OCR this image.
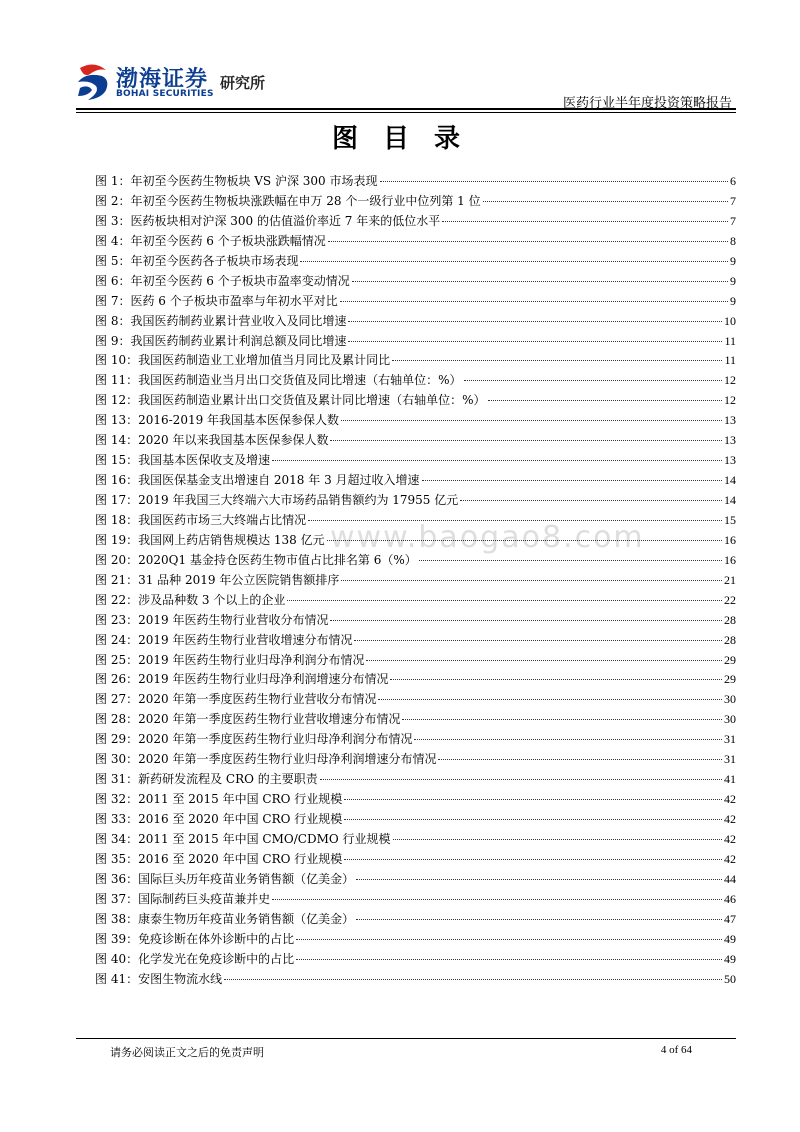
渤海证券
BOHAI SECURITIES
研究所
医药行业半年度投资策略报告
图 目 录
www.baogao8.com
图 1：年初至今医药生物板块 VS 沪深 300 市场表现	6
图 2：年初至今医药生物板块涨跌幅在申万 28 个一级行业中位列第 1 位	7
图 3：医药板块相对沪深 300 的估值溢价率近 7 年来的低位水平	7
图 4：年初至今医药 6 个子板块涨跌幅情况	8
图 5：年初至今医药各子板块市场表现	9
图 6：年初至今医药 6 个子板块市盈率变动情况	9
图 7：医药 6 个子板块市盈率与年初水平对比	9
图 8：我国医药制药业累计营业收入及同比增速	10
图 9：我国医药制药业累计利润总额及同比增速	11
图 10：我国医药制造业工业增加值当月同比及累计同比	11
图 11：我国医药制造业当月出口交货值及同比增速（右轴单位：%）	12
图 12：我国医药制造业累计出口交货值及累计同比增速（右轴单位：%）	12
图 13：2016-2019 年我国基本医保参保人数	13
图 14：2020 年以来我国基本医保参保人数	13
图 15：我国基本医保收支及增速	13
图 16：我国医保基金支出增速自 2018 年 3 月超过收入增速	14
图 17：2019 年我国三大终端六大市场药品销售额约为 17955 亿元	14
图 18：我国医药市场三大终端占比情况	15
图 19：我国网上药店销售规模达 138 亿元	16
图 20：2020Q1 基金持仓医药生物市值占比排名第 6（%）	16
图 21：31 品种 2019 年公立医院销售额排序	21
图 22：涉及品种数 3 个以上的企业	22
图 23：2019 年医药生物行业营收分布情况	28
图 24：2019 年医药生物行业营收增速分布情况	28
图 25：2019 年医药生物行业归母净利润分布情况	29
图 26：2019 年医药生物行业归母净利润增速分布情况	29
图 27：2020 年第一季度医药生物行业营收分布情况	30
图 28：2020 年第一季度医药生物行业营收增速分布情况	30
图 29：2020 年第一季度医药生物行业归母净利润分布情况	31
图 30：2020 年第一季度医药生物行业归母净利润增速分布情况	31
图 31：新药研发流程及 CRO 的主要职责	41
图 32：2011 至 2015 年中国 CRO 行业规模	42
图 33：2016 至 2020 年中国 CRO 行业规模	42
图 34：2011 至 2015 年中国 CMO/CDMO 行业规模	42
图 35：2016 至 2020 年中国 CRO 行业规模	42
图 36：国际巨头历年疫苗业务销售额（亿美金）	44
图 37：国际制药巨头疫苗兼并史	46
图 38：康泰生物历年疫苗业务销售额（亿美金）	47
图 39：免疫诊断在体外诊断中的占比	49
图 40：化学发光在免疫诊断中的占比	49
图 41：安图生物流水线	50
请务必阅读正文之后的免责声明	4 of 64
